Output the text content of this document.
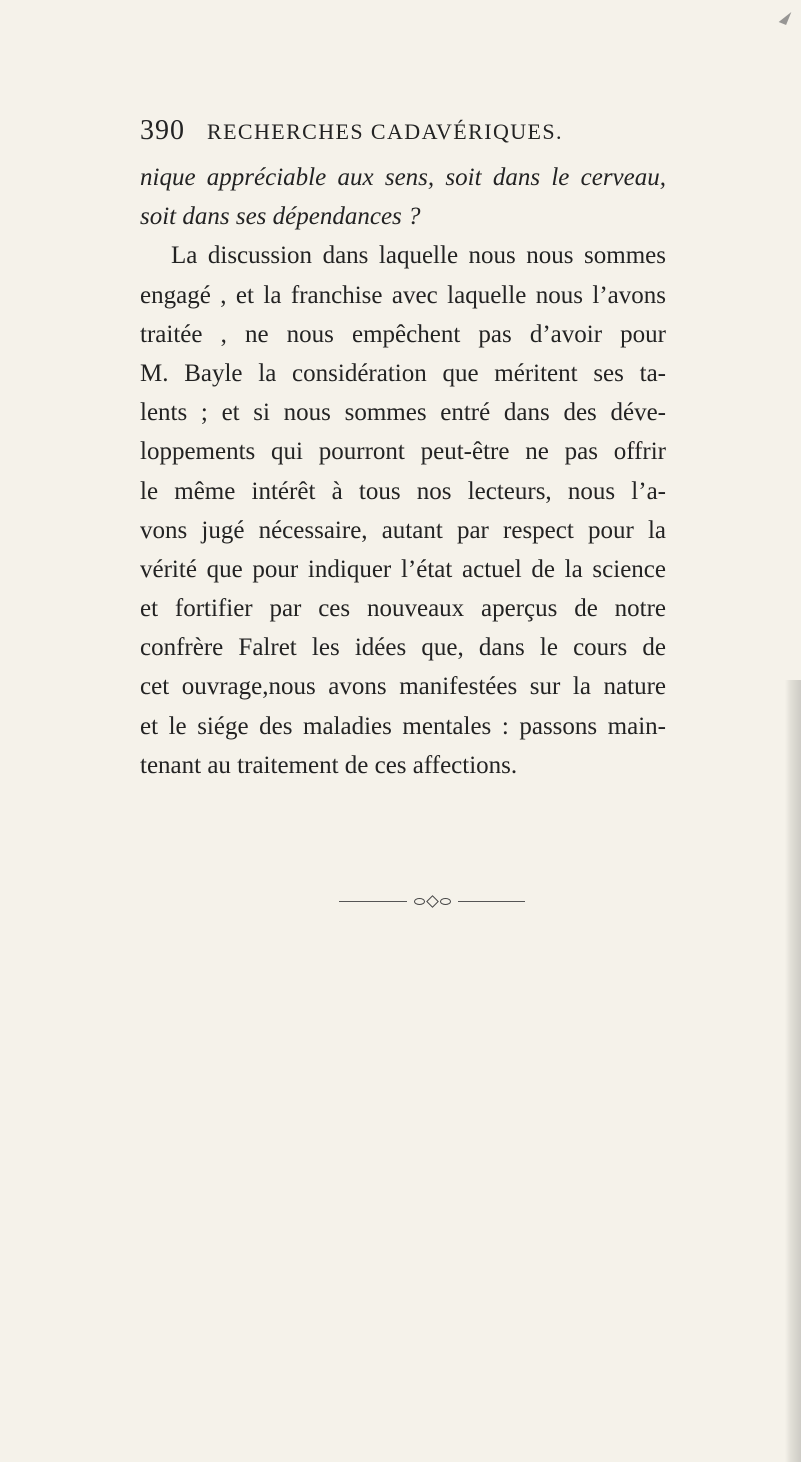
390 RECHERCHES CADAVÉRIQUES.
nique appréciable aux sens, soit dans le cerveau,
soit dans ses dépendances ?
La discussion dans laquelle nous nous sommes
engagé , et la franchise avec laquelle nous l’avons
traitée , ne nous empêchent pas d’avoir pour
M. Bayle la considération que méritent ses ta-
lents ; et si nous sommes entré dans des déve-
loppements qui pourront peut-être ne pas offrir
le même intérêt à tous nos lecteurs, nous l’a-
vons jugé nécessaire, autant par respect pour la
vérité que pour indiquer l’état actuel de la science
et fortifier par ces nouveaux aperçus de notre
confrère Falret les idées que, dans le cours de
cet ouvrage,nous avons manifestées sur la nature
et le siége des maladies mentales : passons main-
tenant au traitement de ces affections.
